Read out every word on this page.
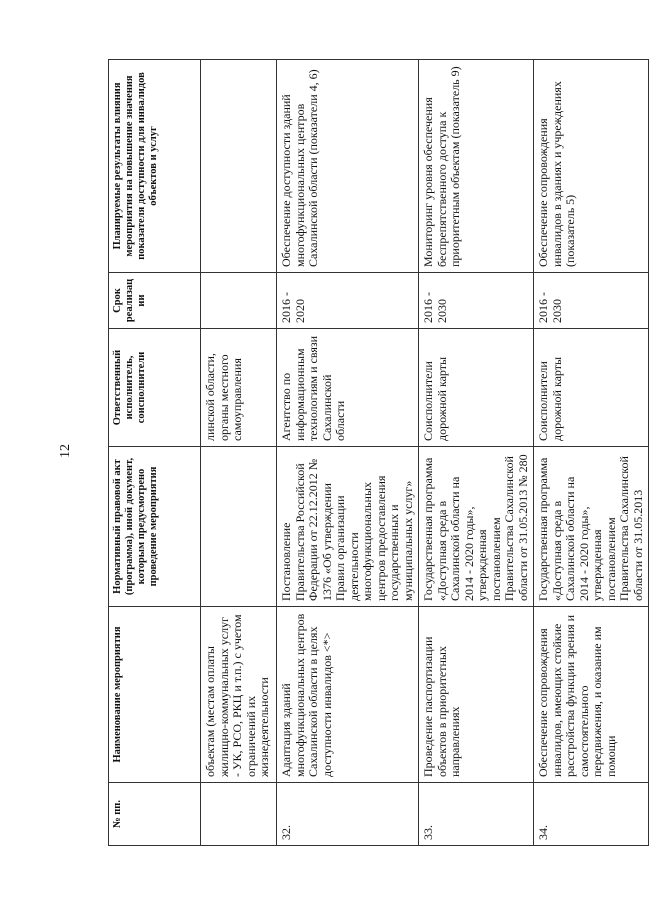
12
№ пп.	Наименование мероприятия	Нормативный правовой акт (программа), иной документ, которым предусмотрено проведение мероприятия	Ответственный исполнитель, соисполнители	Срок реализации	Планируемые результаты влияния мероприятия на повышение значения показателя доступности для инвалидов объектов и услуг
	объектам (местам оплаты жилищно-коммунальных услуг - УК, РСО, РКЦ и т.п.) с учетом ограничений их жизнедеятельности		линской области, органы местного самоуправления		
32.	Адаптация зданий многофункциональных центров Сахалинской области в целях доступности инвалидов <*>	Постановление Правительства Российской Федерации от 22.12.2012 № 1376 «Об утверждении Правил организации деятельности многофункциональных центров предоставления государственных и муниципальных услуг»	Агентство по информационным технологиям и связи Сахалинской области	2016 - 2020	Обеспечение доступности зданий многофункциональных центров Сахалинской области (показатели 4, 6)
33.	Проведение паспортизации объектов в приоритетных направлениях	Государственная программа «Доступная среда в Сахалинской области на 2014 - 2020 годы», утвержденная постановлением Правительства Сахалинской области от 31.05.2013 № 280	Соисполнители дорожной карты	2016 - 2030	Мониторинг уровня обеспечения беспрепятственного доступа к приоритетным объектам (показатель 9)
34.	Обеспечение сопровождения инвалидов, имеющих стойкие расстройства функции зрения и самостоятельного передвижения, и оказание им помощи	Государственная программа «Доступная среда в Сахалинской области на 2014 - 2020 годы», утвержденная постановлением Правительства Сахалинской области от 31.05.2013	Соисполнители дорожной карты	2016 - 2030	Обеспечение сопровождения инвалидов в зданиях и учреждениях (показатель 5)
